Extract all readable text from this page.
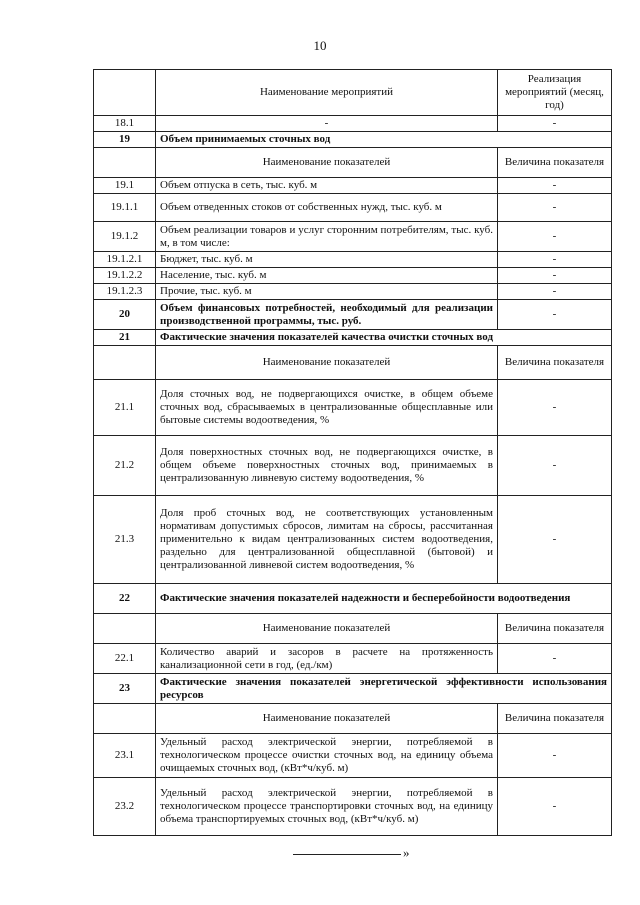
10
	Наименование мероприятий	Реализация мероприятий (месяц, год)
18.1	-	-
19	Объем принимаемых сточных вод	
	Наименование показателей	Величина показателя
19.1	Объем отпуска в сеть, тыс. куб. м	-
19.1.1	Объем отведенных стоков от собственных нужд, тыс. куб. м	-
19.1.2	Объем реализации товаров и услуг сторонним потребителям, тыс. куб. м, в том числе:	-
19.1.2.1	Бюджет, тыс. куб. м	-
19.1.2.2	Население, тыс. куб. м	-
19.1.2.3	Прочие, тыс. куб. м	-
20	Объем финансовых потребностей, необходимый для реализации производственной программы, тыс. руб.	-
21	Фактические значения показателей качества очистки сточных вод	
	Наименование показателей	Величина показателя
21.1	Доля сточных вод, не подвергающихся очистке, в общем объеме сточных вод, сбрасываемых в централизованные общесплавные или бытовые системы водоотведения, %	-
21.2	Доля поверхностных сточных вод, не подвергающихся очистке, в общем объеме поверхностных сточных вод, принимаемых в централизованную ливневую систему водоотведения, %	-
21.3	Доля проб сточных вод, не соответствующих установленным нормативам допустимых сбросов, лимитам на сбросы, рассчитанная применительно к видам централизованных систем водоотведения, раздельно для централизованной общесплавной (бытовой) и централизованной ливневой систем водоотведения, %	-
22	Фактические значения показателей надежности и бесперебойности водоотведения	
	Наименование показателей	Величина показателя
22.1	Количество аварий и засоров в расчете на протяженность канализационной сети в год, (ед./км)	-
23	Фактические значения показателей энергетической эффективности использования ресурсов	
	Наименование показателей	Величина показателя
23.1	Удельный расход электрической энергии, потребляемой в технологическом процессе очистки сточных вод, на единицу объема очищаемых сточных вод, (кВт*ч/куб. м)	-
23.2	Удельный расход электрической энергии, потребляемой в технологическом процессе транспортировки сточных вод, на единицу объема транспортируемых сточных вод, (кВт*ч/куб. м)	-
»
